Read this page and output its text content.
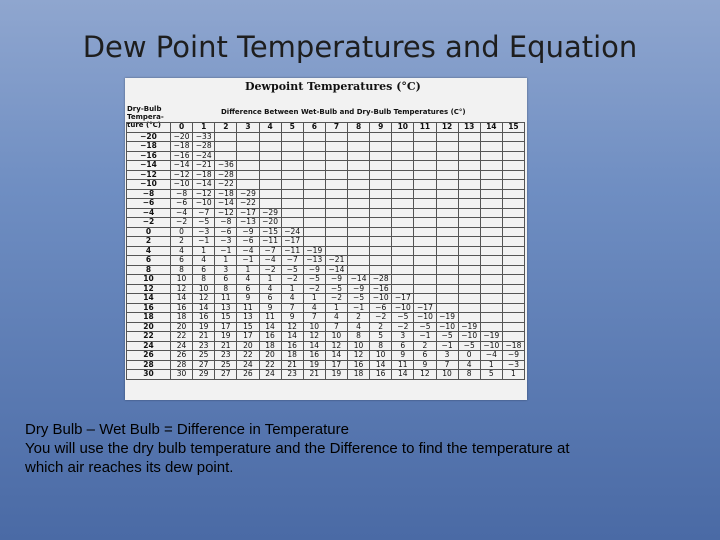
Dew Point Temperatures and Equation
Dewpoint Temperatures (°C)
Dry-Bulb
Tempera-
ture (°C)
Difference Between Wet-Bulb and Dry-Bulb Temperatures (C°)
	0	1	2	3	4	5	6	7	8	9	10	11	12	13	14	15
−20	−20	−33														
−18	−18	−28														
−16	−16	−24														
−14	−14	−21	−36													
−12	−12	−18	−28													
−10	−10	−14	−22													
−8	−8	−12	−18	−29												
−6	−6	−10	−14	−22												
−4	−4	−7	−12	−17	−29											
−2	−2	−5	−8	−13	−20											
0	0	−3	−6	−9	−15	−24										
2	2	−1	−3	−6	−11	−17										
4	4	1	−1	−4	−7	−11	−19									
6	6	4	1	−1	−4	−7	−13	−21								
8	8	6	3	1	−2	−5	−9	−14								
10	10	8	6	4	1	−2	−5	−9	−14	−28						
12	12	10	8	6	4	1	−2	−5	−9	−16						
14	14	12	11	9	6	4	1	−2	−5	−10	−17					
16	16	14	13	11	9	7	4	1	−1	−6	−10	−17				
18	18	16	15	13	11	9	7	4	2	−2	−5	−10	−19			
20	20	19	17	15	14	12	10	7	4	2	−2	−5	−10	−19		
22	22	21	19	17	16	14	12	10	8	5	3	−1	−5	−10	−19	
24	24	23	21	20	18	16	14	12	10	8	6	2	−1	−5	−10	−18
26	26	25	23	22	20	18	16	14	12	10	9	6	3	0	−4	−9
28	28	27	25	24	22	21	19	17	16	14	11	9	7	4	1	−3
30	30	29	27	26	24	23	21	19	18	16	14	12	10	8	5	1
Dry Bulb – Wet Bulb = Difference in Temperature
You will use the dry bulb temperature and the Difference to find the temperature at
which air reaches its dew point.
